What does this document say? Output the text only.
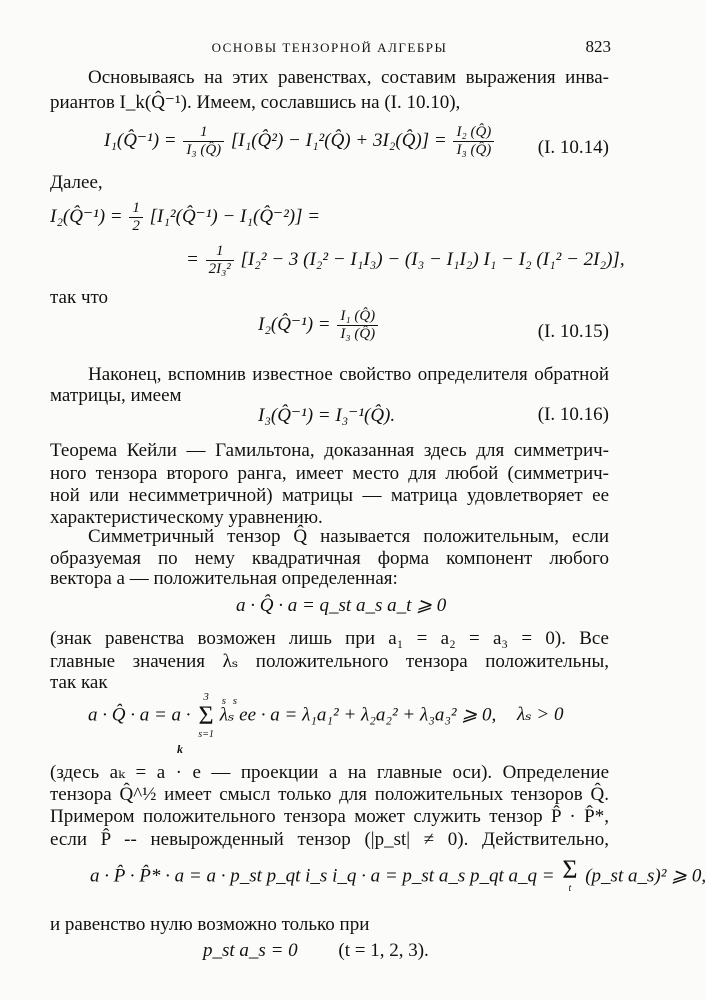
ОСНОВЫ ТЕНЗОРНОЙ АЛГЕБРЫ	823
Основываясь на этих равенствах, составим выражения инва-
риантов I_k(Q̂⁻¹). Имеем, сославшись на (I. 10.10),
I₁(Q̂⁻¹) = $\frac{1}{\text{I₃ (Q̂)}}$ [I₁(Q̂²) − I₁²(Q̂) + 3I₂(Q̂)] = $\frac{\text{I₂ (Q̂)}}{\text{I₃ (Q̂)}} (I$. 10.14)
Далее,
I₂(Q̂⁻¹) = $\frac{1}{2}$ [I₁²(Q̂⁻¹) − I₁(Q̂⁻²)] =
= $\frac{1}{\text{2I₃²}} [I_2^2 - 3$ (I₂² − I₁I₃) − (I₃ − I₁I₂) I₁ − I₂ (I₁² − 2I₂)],
так что
I₂(Q̂⁻¹) = $\frac{\text{I₁ (Q̂)}}{\text{I₃ (Q̂)}}$	(I. 10.15)
Наконец, вспомнив известное свойство определителя обратной
матрицы, имеем
I₃(Q̂⁻¹) = I₃⁻¹(Q̂).	(I. 10.16)
Теорема Кейли — Гамильтона, доказанная здесь для симметрич-
ного тензора второго ранга, имеет место для любой (симметрич-
ной или несимметричной) матрицы — матрица удовлетворяет ее
характеристическому уравнению.
Симметричный тензор Q̂ называется положительным, если
образуемая по нему квадратичная форма компонент любого
вектора a — положительная определенная:
a · Q̂ · a = q_st a_s a_t ⩾ 0
(знак равенства возможен лишь при a₁ = a₂ = a₃ = 0). Все
главные значения λₛ положительного тензора положительны,
так как
a · Q̂ · a = a ·
3
Σ
s=1
$^{s s}$ λₛ ee · a = λ₁a₁² + λ₂a₂² + λ₃a₃² ⩾ 0, λₛ > 0
k
(здесь aₖ = a · e — проекции a на главные оси). Определение
тензора Q̂^½ имеет смысл только для положительных тензоров Q̂.
Примером положительного тензора может служить тензор P̂ · P̂*,
если P̂ -- невырожденный тензор (|p_st| ≠ 0). Действительно,
a · P̂ · P̂* · a = a · p_st p_qt i_s i_q · a = p_st a_s p_qt a_q = Σ
t
(p_st a_s)² ⩾ 0,
и равенство нулю возможно только при
p_st a_s = 0 (t = 1, 2, 3).
